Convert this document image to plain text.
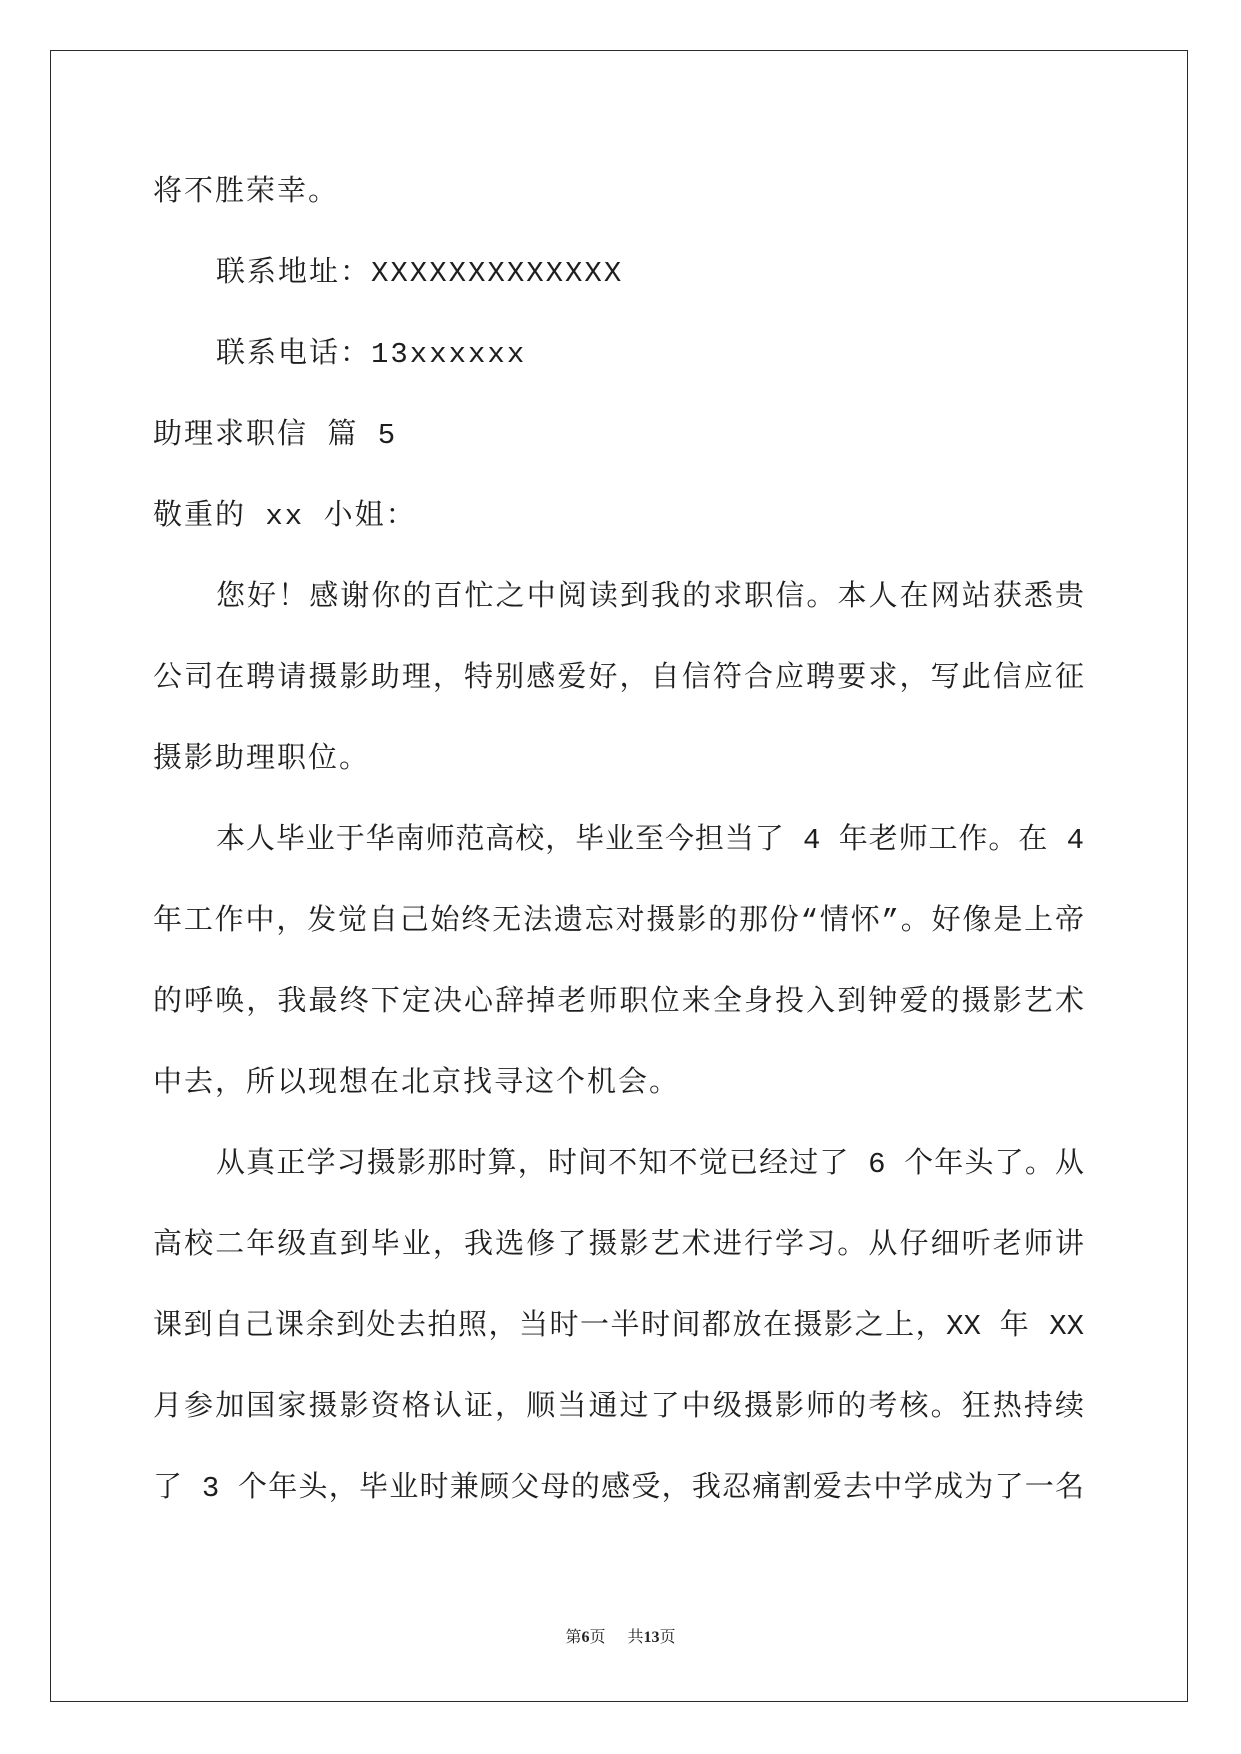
将不胜荣幸。
联系地址：XXXXXXXXXXXXX
联系电话：13xxxxxx
助理求职信 篇 5
敬重的 xx 小姐：
您好！感谢你的百忙之中阅读到我的求职信。本人在网站获悉贵
公司在聘请摄影助理，特别感爱好，自信符合应聘要求，写此信应征
摄影助理职位。
本人毕业于华南师范高校，毕业至今担当了 4 年老师工作。在 4
年工作中，发觉自己始终无法遗忘对摄影的那份“情怀”。好像是上帝
的呼唤，我最终下定决心辞掉老师职位来全身投入到钟爱的摄影艺术
中去，所以现想在北京找寻这个机会。
从真正学习摄影那时算，时间不知不觉已经过了 6 个年头了。从
高校二年级直到毕业，我选修了摄影艺术进行学习。从仔细听老师讲
课到自己课余到处去拍照，当时一半时间都放在摄影之上，XX 年 XX
月参加国家摄影资格认证，顺当通过了中级摄影师的考核。狂热持续
了 3 个年头，毕业时兼顾父母的感受，我忍痛割爱去中学成为了一名
第6页 共13页
